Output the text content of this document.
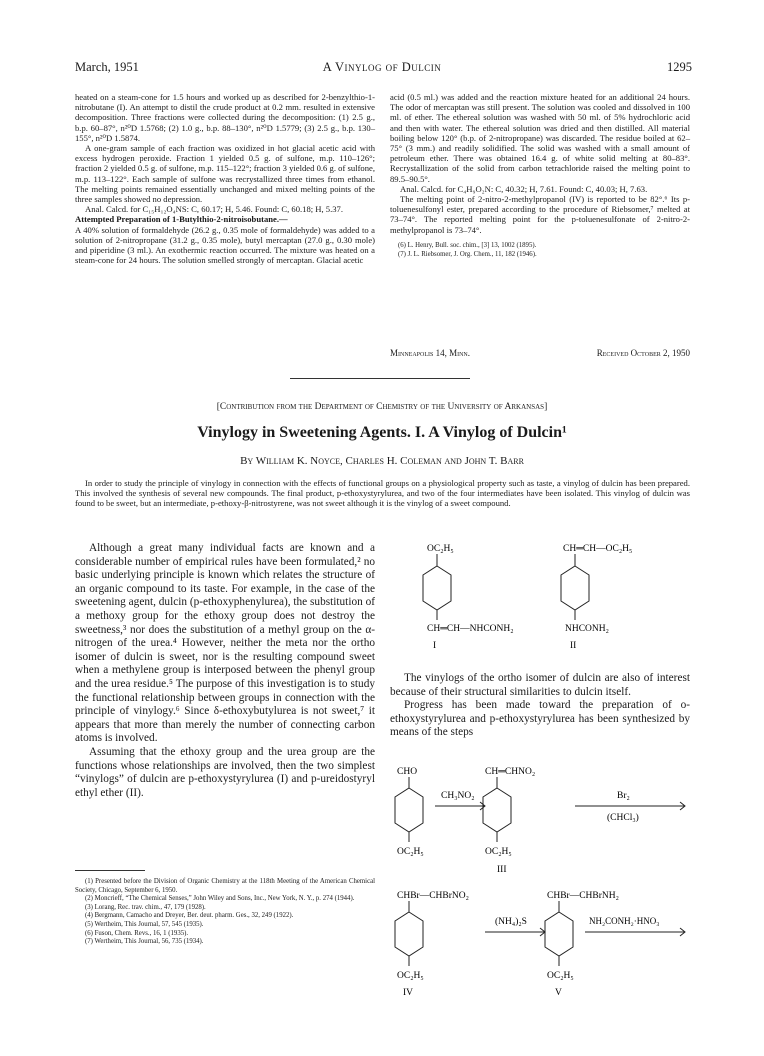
March, 1951	A Vinylog of Dulcin	1295

heated on a steam-cone for 1.5 hours and worked up as described for 2-benzylthio-1-nitrobutane (I). An attempt to distil the crude product at 0.2 mm. resulted in extensive decomposition. Three fractions were collected during the decomposition: (1) 2.5 g., b.p. 60–87°, n²⁰D 1.5768; (2) 1.0 g., b.p. 88–130°, n²⁰D 1.5779; (3) 2.5 g., b.p. 130–155°, n²⁰D 1.5874.

A one-gram sample of each fraction was oxidized in hot glacial acetic acid with excess hydrogen peroxide. Fraction 1 yielded 0.5 g. of sulfone, m.p. 110–126°; fraction 2 yielded 0.5 g. of sulfone, m.p. 115–122°; fraction 3 yielded 0.6 g. of sulfone, m.p. 113–122°. Each sample of sulfone was recrystallized three times from ethanol. The melting points remained essentially unchanged and mixed melting points of the three samples showed no depression.

Anal. Calcd. for C₁₅H₁₂O₄NS: C, 60.17; H, 5.46. Found: C, 60.18; H, 5.37.

Attempted Preparation of 1-Butylthio-2-nitroisobutane.—

A 40% solution of formaldehyde (26.2 g., 0.35 mole of formaldehyde) was added to a solution of 2-nitropropane (31.2 g., 0.35 mole), butyl mercaptan (27.0 g., 0.30 mole) and piperidine (3 ml.). An exothermic reaction occurred. The mixture was heated on a steam-cone for 24 hours. The solution smelled strongly of mercaptan. Glacial acetic

acid (0.5 ml.) was added and the reaction mixture heated for an additional 24 hours. The odor of mercaptan was still present. The solution was cooled and dissolved in 100 ml. of ether. The ethereal solution was washed with 50 ml. of 5% hydrochloric acid and then with water. The ethereal solution was dried and then distilled. All material boiling below 120° (b.p. of 2-nitropropane) was discarded. The residue boiled at 62–75° (3 mm.) and readily solidified. The solid was washed with a small amount of petroleum ether. There was obtained 16.4 g. of white solid melting at 80–83°. Recrystallization of the solid from carbon tetrachloride raised the melting point to 89.5–90.5°.

Anal. Calcd. for C₄H₉O₂N: C, 40.32; H, 7.61. Found: C, 40.03; H, 7.63.

The melting point of 2-nitro-2-methylpropanol (IV) is reported to be 82°.⁶ Its p-toluenesulfonyl ester, prepared according to the procedure of Riebsomer,⁷ melted at 73–74°. The reported melting point for the p-toluenesulfonate of 2-nitro-2-methylpropanol is 73–74°.

(6) L. Henry, Bull. soc. chim., [3] 13, 1002 (1895).

(7) J. L. Riebsomer, J. Org. Chem., 11, 182 (1946).

Minneapolis 14, Minn.	Received October 2, 1950
[Contribution from the Department of Chemistry of the University of Arkansas]
Vinylogy in Sweetening Agents. I. A Vinylog of Dulcin¹
By William K. Noyce, Charles H. Coleman and John T. Barr
In order to study the principle of vinylogy in connection with the effects of functional groups on a physiological property such as taste, a vinylog of dulcin has been prepared. This involved the synthesis of several new compounds. The final product, p-ethoxystyrylurea, and two of the four intermediates have been isolated. This vinylog of dulcin was found to be sweet, but an intermediate, p-ethoxy-β-nitrostyrene, was not sweet although it is the vinylog of a sweet compound.

Although a great many individual facts are known and a considerable number of empirical rules have been formulated,² no basic underlying principle is known which relates the structure of an organic compound to its taste. For example, in the case of the sweetening agent, dulcin (p-ethoxyphenylurea), the substitution of a methoxy group for the ethoxy group does not destroy the sweetness,³ nor does the substitution of a methyl group on the α-nitrogen of the urea.⁴ However, neither the meta nor the ortho isomer of dulcin is sweet, nor is the resulting compound sweet when a methylene group is interposed between the phenyl group and the urea residue.⁵ The purpose of this investigation is to study the functional relationship between groups in connection with the principle of vinylogy.⁶ Since δ-ethoxybutylurea is not sweet,⁷ it appears that more than merely the number of connecting carbon atoms is involved.

Assuming that the ethoxy group and the urea group are the functions whose relationships are involved, then the two simplest “vinylogs” of dulcin are p-ethoxystyrylurea (I) and p-ureidostyryl ethyl ether (II).

(1) Presented before the Division of Organic Chemistry at the 118th Meeting of the American Chemical Society, Chicago, September 6, 1950.

(2) Moncrieff, “The Chemical Senses,” John Wiley and Sons, Inc., New York, N. Y., p. 274 (1944).

(3) Lorang, Rec. trav. chim., 47, 179 (1928).

(4) Bergmann, Camacho and Dreyer, Ber. deut. pharm. Ges., 32, 249 (1922).

(5) Wertheim, This Journal, 57, 545 (1935).

(6) Fuson, Chem. Revs., 16, 1 (1935).

(7) Wertheim, This Journal, 56, 735 (1934).

OC₂H₅
CH═CH—NHCONH₂
I
CH═CH—OC₂H₅
NHCONH₂
II

The vinylogs of the ortho isomer of dulcin are also of interest because of their structural similarities to dulcin itself.

Progress has been made toward the preparation of o-ethoxystyrylurea and p-ethoxystyrylurea has been synthesized by means of the steps

CHO
OC₂H₅
CH₃NO₂
CH═CHNO₂
OC₂H₅
III
Br₂
(CHCl₃)
CHBr—CHBrNO₂
OC₂H₅
IV
(NH₄)₂S
CHBr—CHBrNH₂
OC₂H₅
V
NH₂CONH₂·HNO₃
